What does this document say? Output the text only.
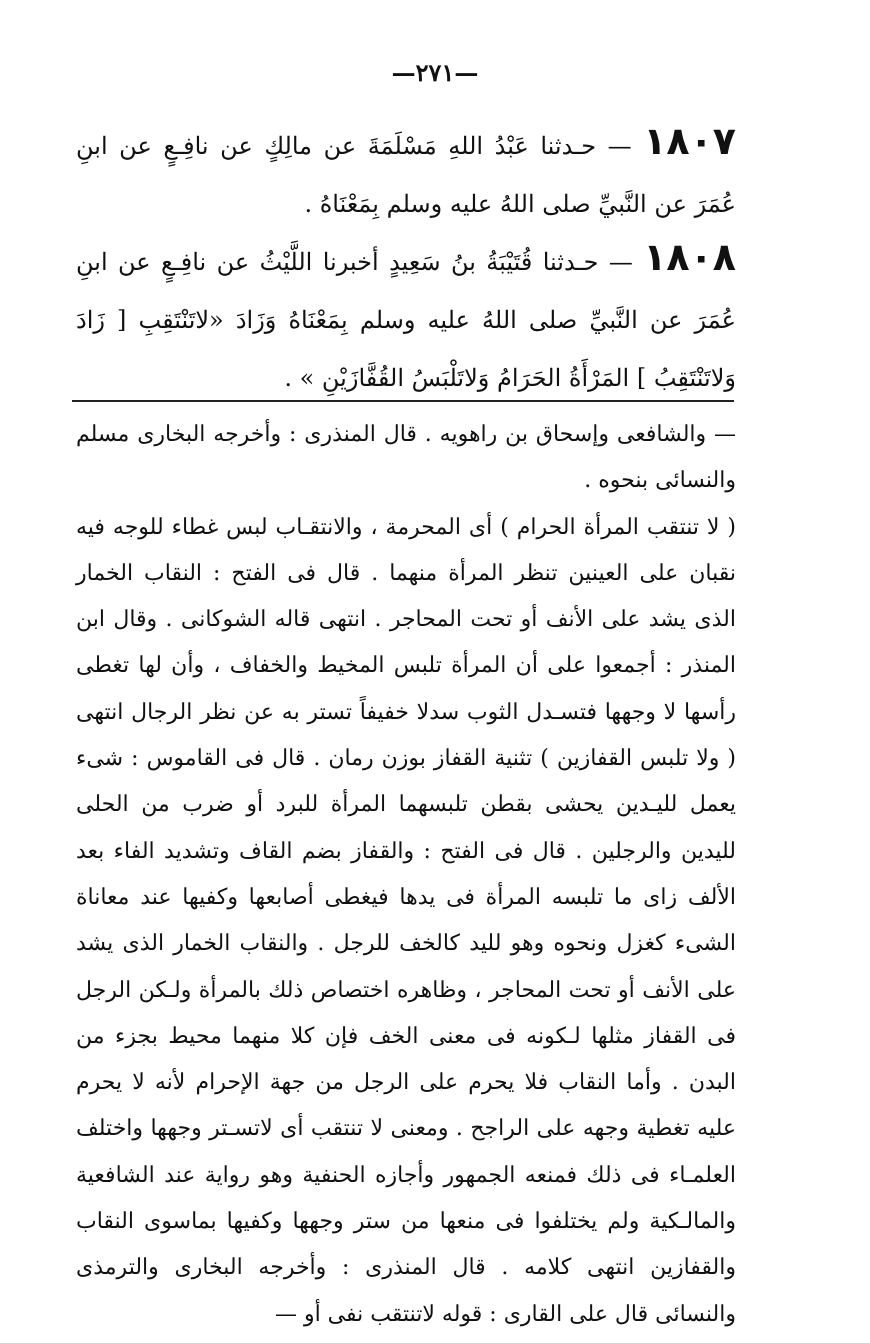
—٢٧١—
١٨٠٧ — حـدثنا عَبْدُ اللهِ مَسْلَمَةَ عن مالِكٍ عن نافِـعٍ عن ابنِ عُمَرَ عن النَّبيِّ صلى اللهُ عليه وسلم بِمَعْنَاهُ .
١٨٠٨ — حـدثنا قُتَيْبَةُ بنُ سَعِيدٍ أخبرنا اللَّيْثُ عن نافِـعٍ عن ابنِ عُمَرَ عن النَّبيِّ صلى اللهُ عليه وسلم بِمَعْنَاهُ وَزَادَ «لاتَنْتَقِبِ [ زَادَ وَلاتَنْتَقِبُ ] المَرْأَةُ الحَرَامُ وَلاتَلْبَسُ القُفَّازَيْنِ » .

— والشافعى وإسحاق بن راهويه . قال المنذرى : وأخرجه البخارى مسلم والنسائى بنحوه .

( لا تنتقب المرأة الحرام ) أى المحرمة ، والانتقـاب لبس غطاء للوجه فيه نقبان على العينين تنظر المرأة منهما . قال فى الفتح : النقاب الخمار الذى يشد على الأنف أو تحت المحاجر . انتهى قاله الشوكانى . وقال ابن المنذر : أجمعوا على أن المرأة تلبس المخيط والخفاف ، وأن لها تغطى رأسها لا وجهها فتسـدل الثوب سدلا خفيفاً تستر به عن نظر الرجال انتهى ( ولا تلبس القفازين ) تثنية القفاز بوزن رمان . قال فى القاموس : شىء يعمل لليـدين يحشى بقطن تلبسهما المرأة للبرد أو ضرب من الحلى لليدين والرجلين . قال فى الفتح : والقفاز بضم القاف وتشديد الفاء بعد الألف زاى ما تلبسه المرأة فى يدها فيغطى أصابعها وكفيها عند معاناة الشىء كغزل ونحوه وهو لليد كالخف للرجل . والنقاب الخمار الذى يشد على الأنف أو تحت المحاجر ، وظاهره اختصاص ذلك بالمرأة ولـكن الرجل فى القفاز مثلها لـكونه فى معنى الخف فإن كلا منهما محيط بجزء من البدن . وأما النقاب فلا يحرم على الرجل من جهة الإحرام لأنه لا يحرم عليه تغطية وجهه على الراجح . ومعنى لا تنتقب أى لاتسـتر وجهها واختلف العلمـاء فى ذلك فمنعه الجمهور وأجازه الحنفية وهو رواية عند الشافعية والمالـكية ولم يختلفوا فى منعها من ستر وجهها وكفيها بماسوى النقاب والقفازين انتهى كلامه . قال المنذرى : وأخرجه البخارى والترمذى والنسائى قال على القارى : قوله لاتنتقب نفى أو —
